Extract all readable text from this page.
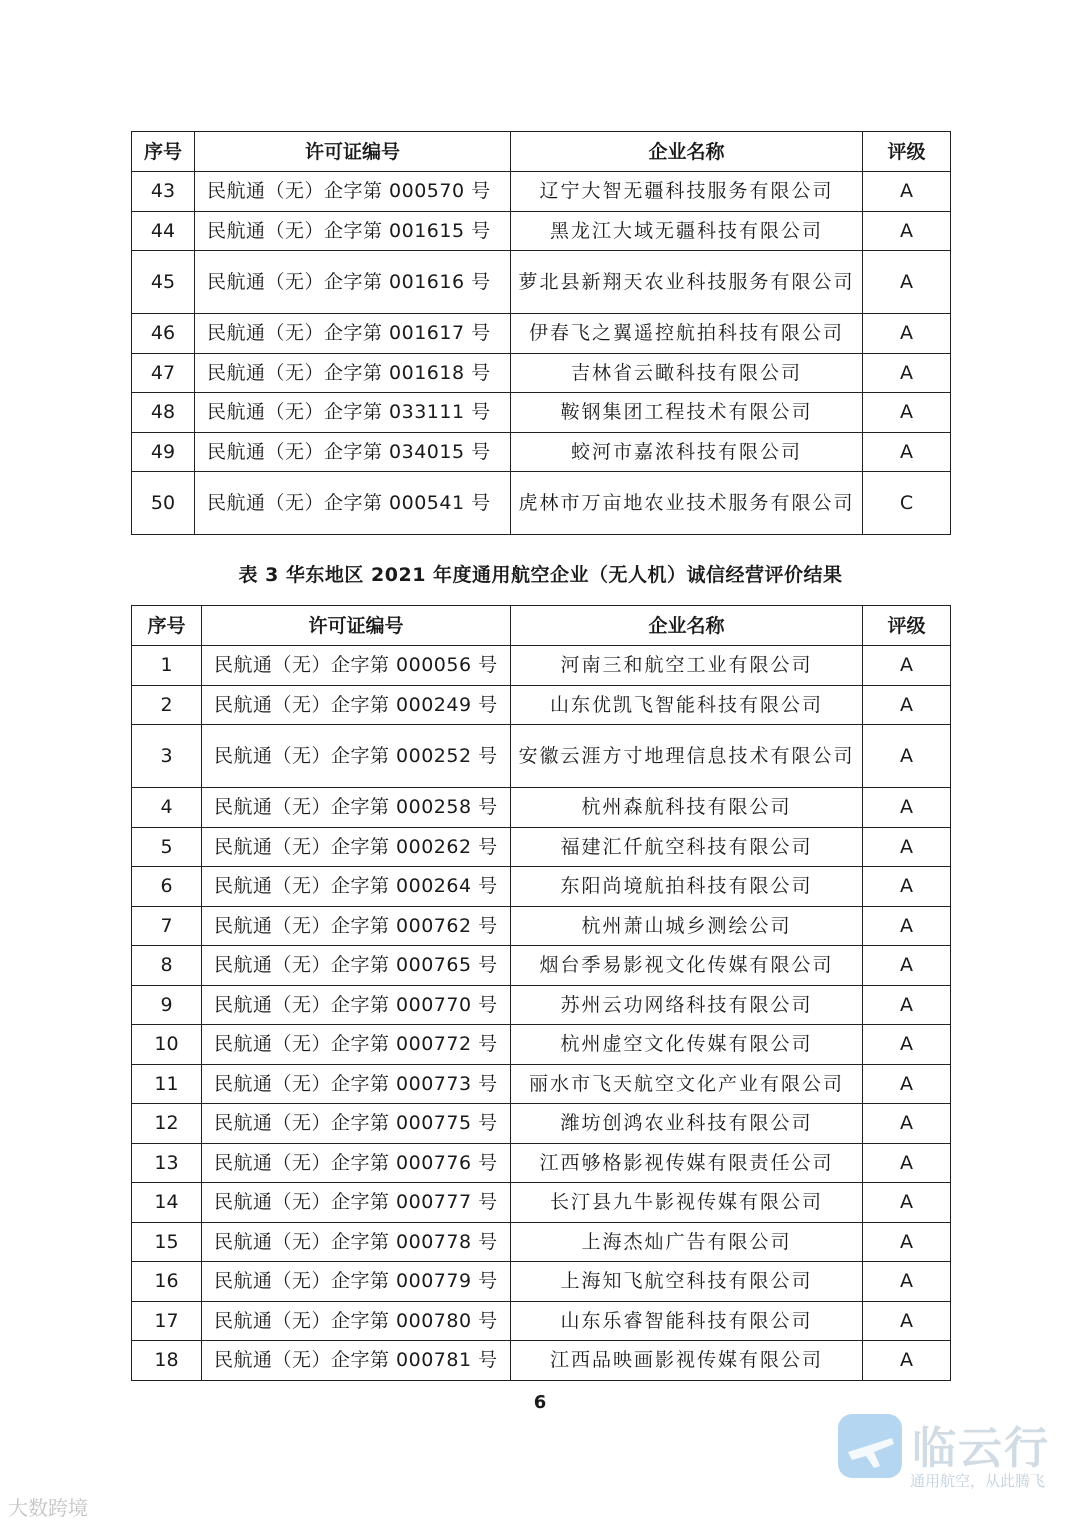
序号	许可证编号	企业名称	评级
43	民航通（无）企字第 000570 号	辽宁大智无疆科技服务有限公司	A
44	民航通（无）企字第 001615 号	黑龙江大域无疆科技有限公司	A
45	民航通（无）企字第 001616 号	萝北县新翔天农业科技服务有限公司	A
46	民航通（无）企字第 001617 号	伊春飞之翼遥控航拍科技有限公司	A
47	民航通（无）企字第 001618 号	吉林省云瞰科技有限公司	A
48	民航通（无）企字第 033111 号	鞍钢集团工程技术有限公司	A
49	民航通（无）企字第 034015 号	蛟河市嘉浓科技有限公司	A
50	民航通（无）企字第 000541 号	虎林市万亩地农业技术服务有限公司	C
表 3 华东地区 2021 年度通用航空企业（无人机）诚信经营评价结果
序号	许可证编号	企业名称	评级
1	民航通（无）企字第 000056 号	河南三和航空工业有限公司	A
2	民航通（无）企字第 000249 号	山东优凯飞智能科技有限公司	A
3	民航通（无）企字第 000252 号	安徽云涯方寸地理信息技术有限公司	A
4	民航通（无）企字第 000258 号	杭州森航科技有限公司	A
5	民航通（无）企字第 000262 号	福建汇仟航空科技有限公司	A
6	民航通（无）企字第 000264 号	东阳尚境航拍科技有限公司	A
7	民航通（无）企字第 000762 号	杭州萧山城乡测绘公司	A
8	民航通（无）企字第 000765 号	烟台季易影视文化传媒有限公司	A
9	民航通（无）企字第 000770 号	苏州云功网络科技有限公司	A
10	民航通（无）企字第 000772 号	杭州虚空文化传媒有限公司	A
11	民航通（无）企字第 000773 号	丽水市飞天航空文化产业有限公司	A
12	民航通（无）企字第 000775 号	潍坊创鸿农业科技有限公司	A
13	民航通（无）企字第 000776 号	江西够格影视传媒有限责任公司	A
14	民航通（无）企字第 000777 号	长汀县九牛影视传媒有限公司	A
15	民航通（无）企字第 000778 号	上海杰灿广告有限公司	A
16	民航通（无）企字第 000779 号	上海知飞航空科技有限公司	A
17	民航通（无）企字第 000780 号	山东乐睿智能科技有限公司	A
18	民航通（无）企字第 000781 号	江西品映画影视传媒有限公司	A
6
临云行
通用航空，从此腾飞
大数跨境
